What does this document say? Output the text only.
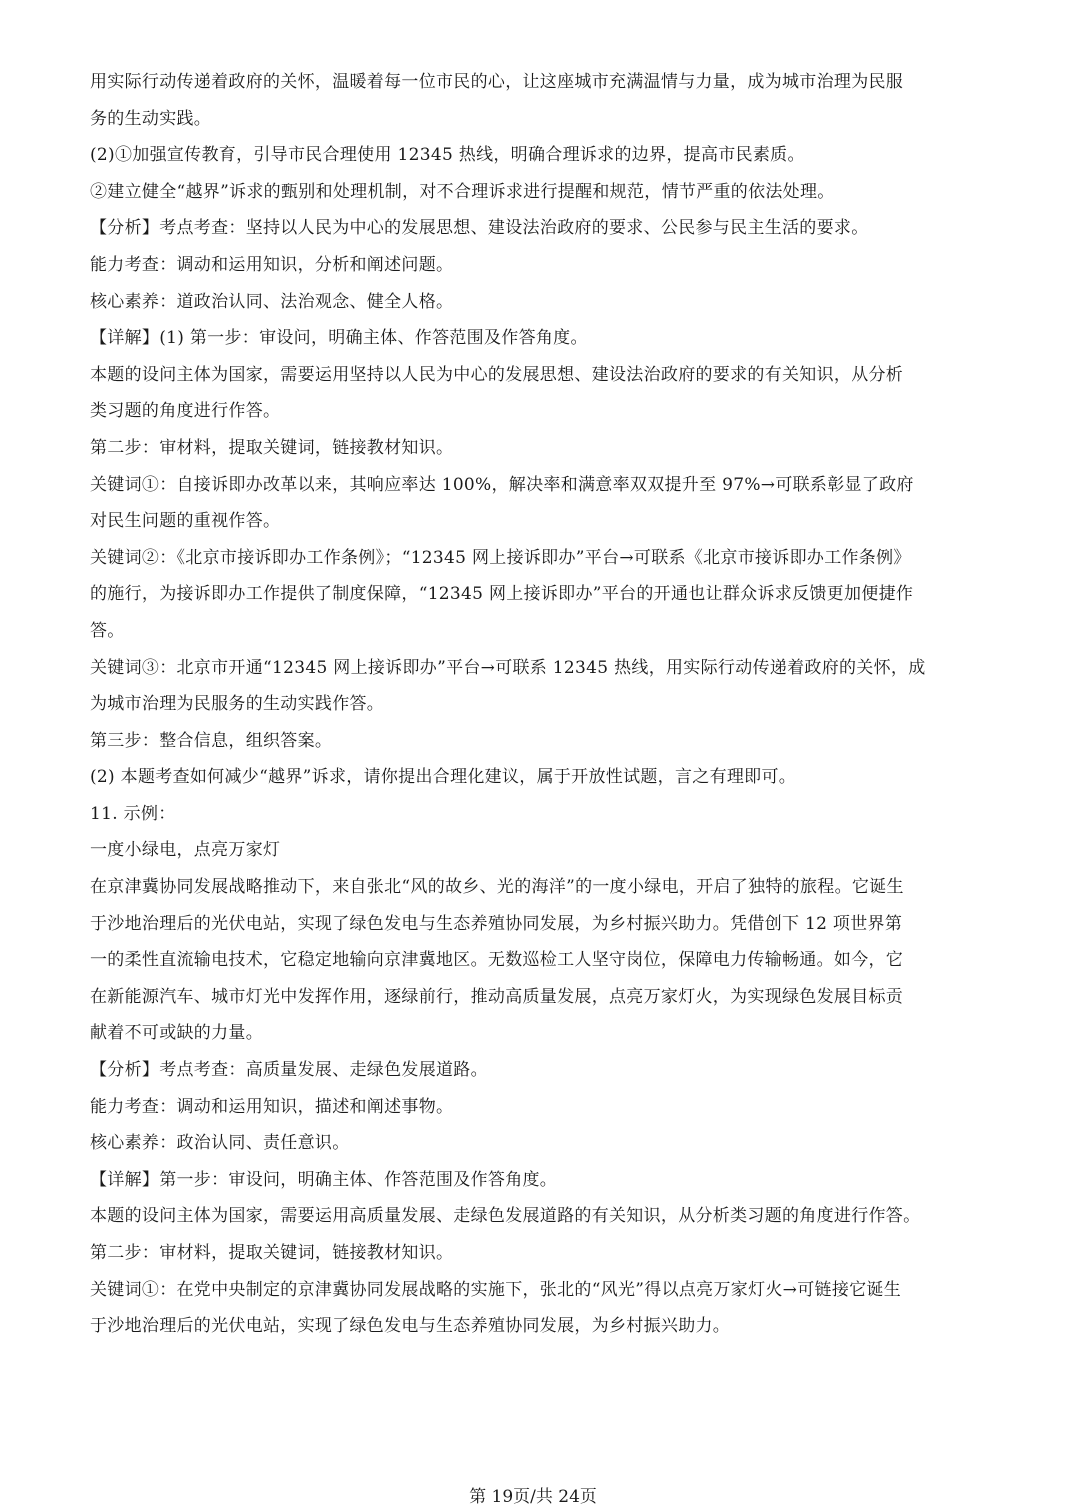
用实际行动传递着政府的关怀，温暖着每一位市民的心，让这座城市充满温情与力量，成为城市治理为民服
务的生动实践。
(2)①加强宣传教育，引导市民合理使用 12345 热线，明确合理诉求的边界，提高市民素质。
②建立健全“越界”诉求的甄别和处理机制，对不合理诉求进行提醒和规范，情节严重的依法处理。
【分析】考点考查：坚持以人民为中心的发展思想、建设法治政府的要求、公民参与民主生活的要求。
能力考查：调动和运用知识，分析和阐述问题。
核心素养：道政治认同、法治观念、健全人格。
【详解】(1) 第一步：审设问，明确主体、作答范围及作答角度。
本题的设问主体为国家，需要运用坚持以人民为中心的发展思想、建设法治政府的要求的有关知识，从分析
类习题的角度进行作答。
第二步：审材料，提取关键词，链接教材知识。
关键词①：自接诉即办改革以来，其响应率达 100%，解决率和满意率双双提升至 97%→可联系彰显了政府
对民生问题的重视作答。
关键词②：《北京市接诉即办工作条例》；“12345 网上接诉即办”平台→可联系《北京市接诉即办工作条例》
的施行，为接诉即办工作提供了制度保障，“12345 网上接诉即办”平台的开通也让群众诉求反馈更加便捷作
答。
关键词③：北京市开通“12345 网上接诉即办”平台→可联系 12345 热线，用实际行动传递着政府的关怀，成
为城市治理为民服务的生动实践作答。
第三步：整合信息，组织答案。
(2) 本题考查如何减少“越界”诉求，请你提出合理化建议，属于开放性试题，言之有理即可。
11. 示例：
一度小绿电，点亮万家灯
在京津冀协同发展战略推动下，来自张北“风的故乡、光的海洋”的一度小绿电，开启了独特的旅程。它诞生
于沙地治理后的光伏电站，实现了绿色发电与生态养殖协同发展，为乡村振兴助力。凭借创下 12 项世界第
一的柔性直流输电技术，它稳定地输向京津冀地区。无数巡检工人坚守岗位，保障电力传输畅通。如今，它
在新能源汽车、城市灯光中发挥作用，逐绿前行，推动高质量发展，点亮万家灯火，为实现绿色发展目标贡
献着不可或缺的力量。
【分析】考点考查：高质量发展、走绿色发展道路。
能力考查：调动和运用知识，描述和阐述事物。
核心素养：政治认同、责任意识。
【详解】第一步：审设问，明确主体、作答范围及作答角度。
本题的设问主体为国家，需要运用高质量发展、走绿色发展道路的有关知识，从分析类习题的角度进行作答。
第二步：审材料，提取关键词，链接教材知识。
关键词①：在党中央制定的京津冀协同发展战略的实施下，张北的“风光”得以点亮万家灯火→可链接它诞生
于沙地治理后的光伏电站，实现了绿色发电与生态养殖协同发展，为乡村振兴助力。
第 19页/共 24页
